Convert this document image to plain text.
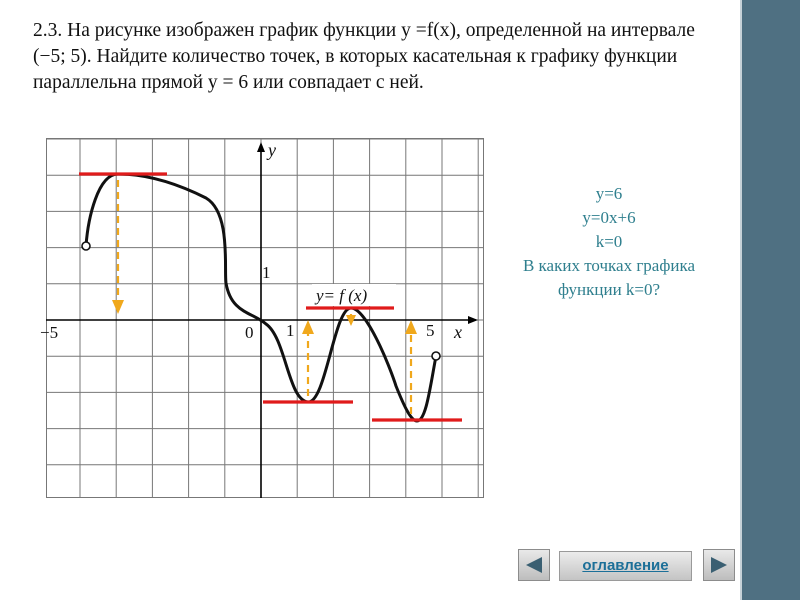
2.3. На рисунке изображен график функции y =f(x), определенной на интервале (−5; 5). Найдите количество точек, в которых касательная к графику функции параллельна прямой y = 6 или совпадает с ней.
y= f (x)
y
x
−5	0 1	5
1
y=6
y=0x+6
k=0
В каких точках графика
функции k=0?
оглавление
